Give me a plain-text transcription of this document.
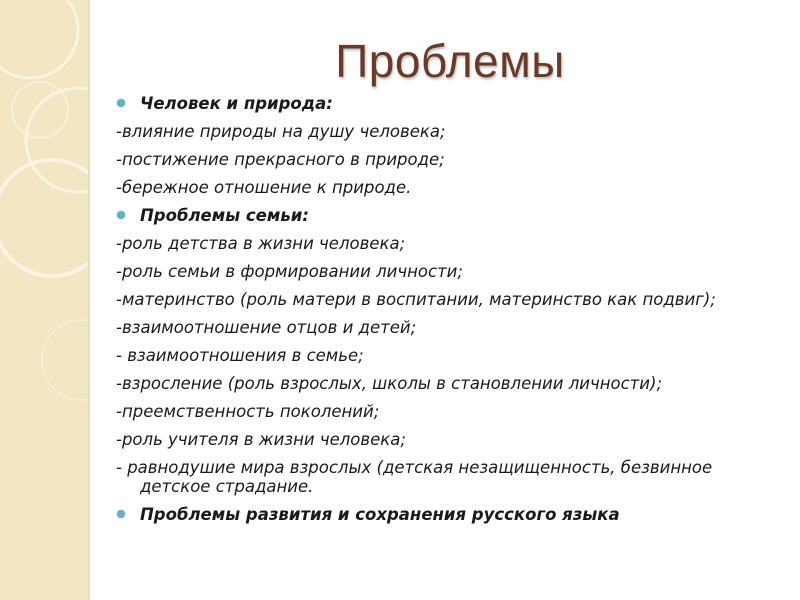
Проблемы
Человек и природа:
-влияние природы на душу человека;
-постижение прекрасного в природе;
-бережное отношение к природе.
Проблемы семьи:
-роль детства в жизни человека;
-роль семьи в формировании личности;
-материнство (роль матери в воспитании, материнство как подвиг);
-взаимоотношение отцов и детей;
- взаимоотношения в семье;
-взросление (роль взрослых, школы в становлении личности);
-преемственность поколений;
-роль учителя в жизни человека;
- равнодушие мира взрослых (детская незащищенность, безвинное детское страдание.
Проблемы развития и сохранения русского языка
